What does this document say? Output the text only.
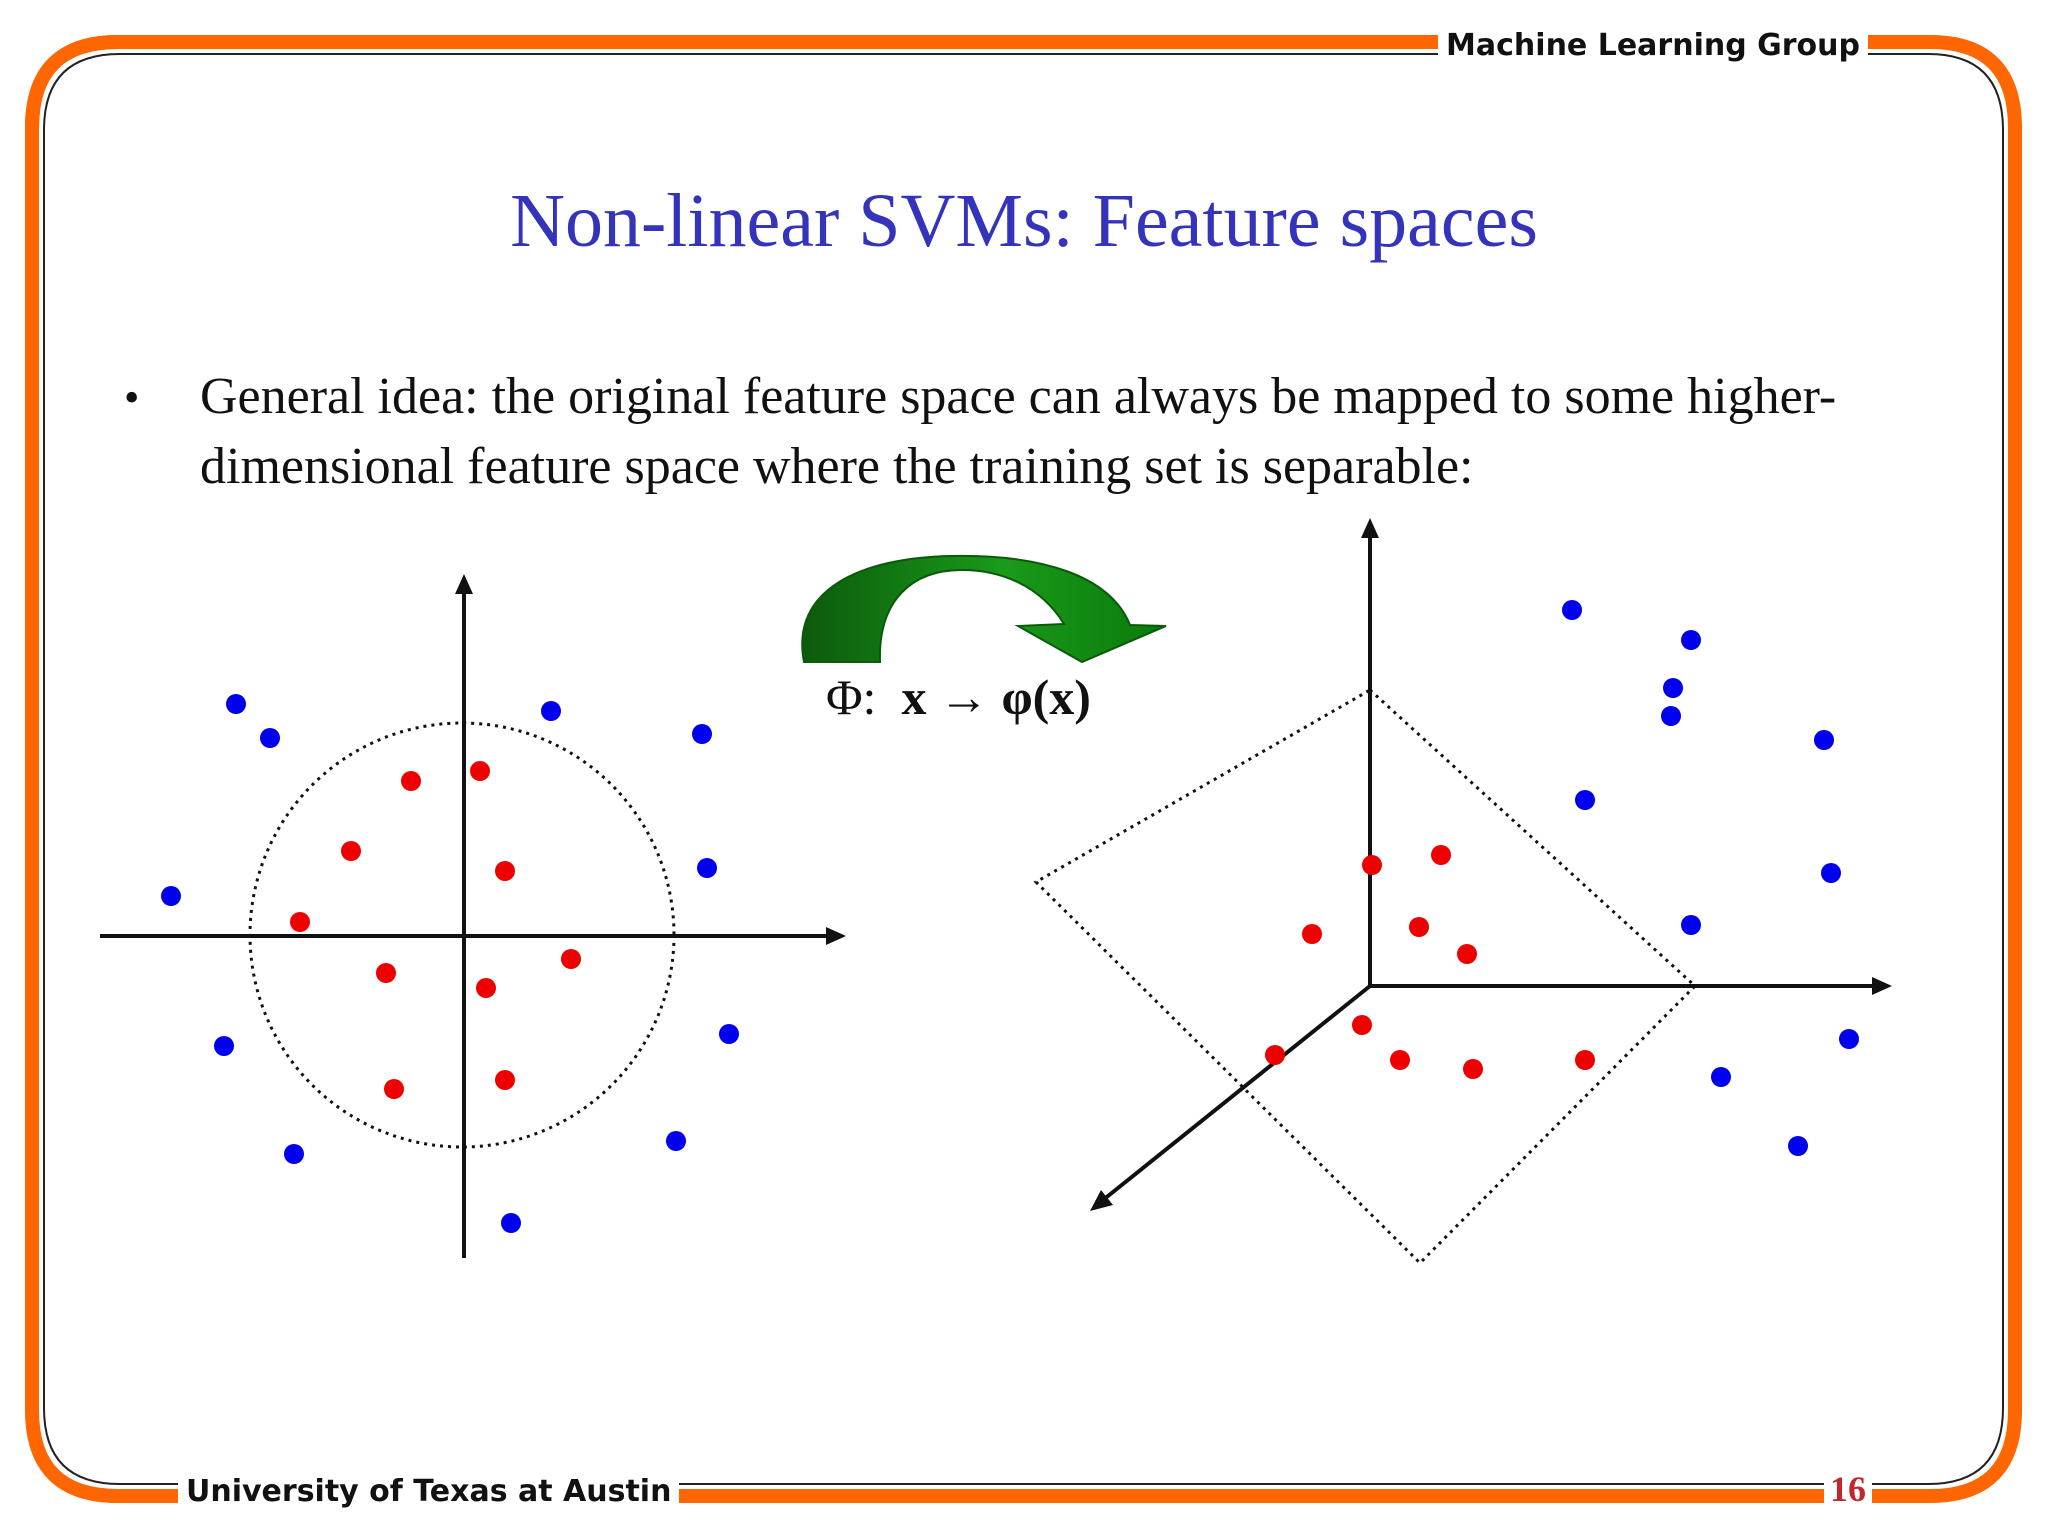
Machine Learning Group
Non-linear SVMs: Feature spaces
• General idea: the original feature space can always be mapped to some higher-dimensional feature space where the training set is separable:
Φ: x → φ(x)
University of Texas at Austin	16
